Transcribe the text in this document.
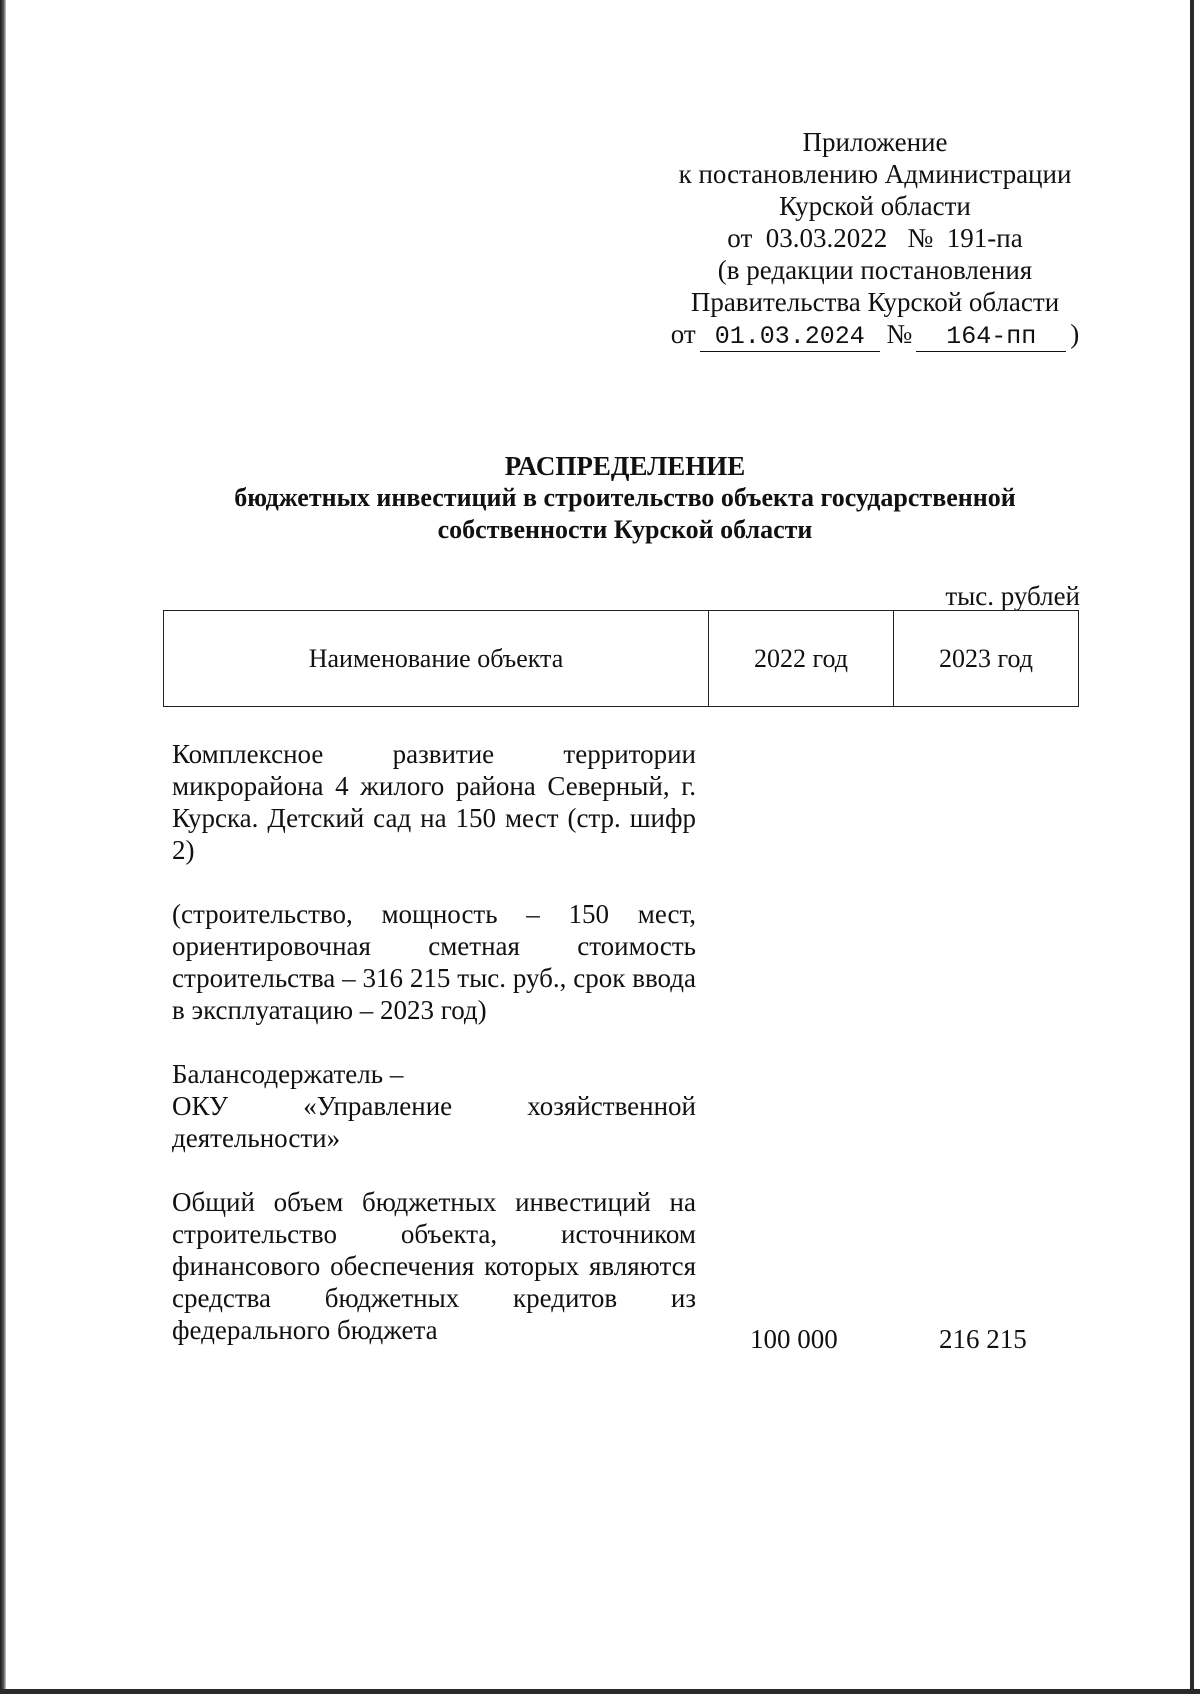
Приложение
к постановлению Администрации
Курской области
от  03.03.2022   №  191-па
(в редакции постановления
Правительства Курской области
от 01.03.2024 № 164-пп )
РАСПРЕДЕЛЕНИЕ
бюджетных инвестиций в строительство объекта государственной
собственности Курской области
тыс. рублей
Наименование объекта	2022 год	2023 год

Комплексное развитие территории микрорайона 4 жилого района Северный, г. Курска. Детский сад на 150 мест (стр. шифр 2)

(строительство, мощность – 150 мест, ориентировочная сметная стоимость строительства – 316 215 тыс. руб., срок ввода в эксплуатацию – 2023 год)

Балансодержатель –
ОКУ «Управление хозяйственной деятельности»

Общий объем бюджетных инвестиций на строительство объекта, источником финансового обеспечения которых являются средства бюджетных кредитов из федерального бюджета	100 000	216 215
